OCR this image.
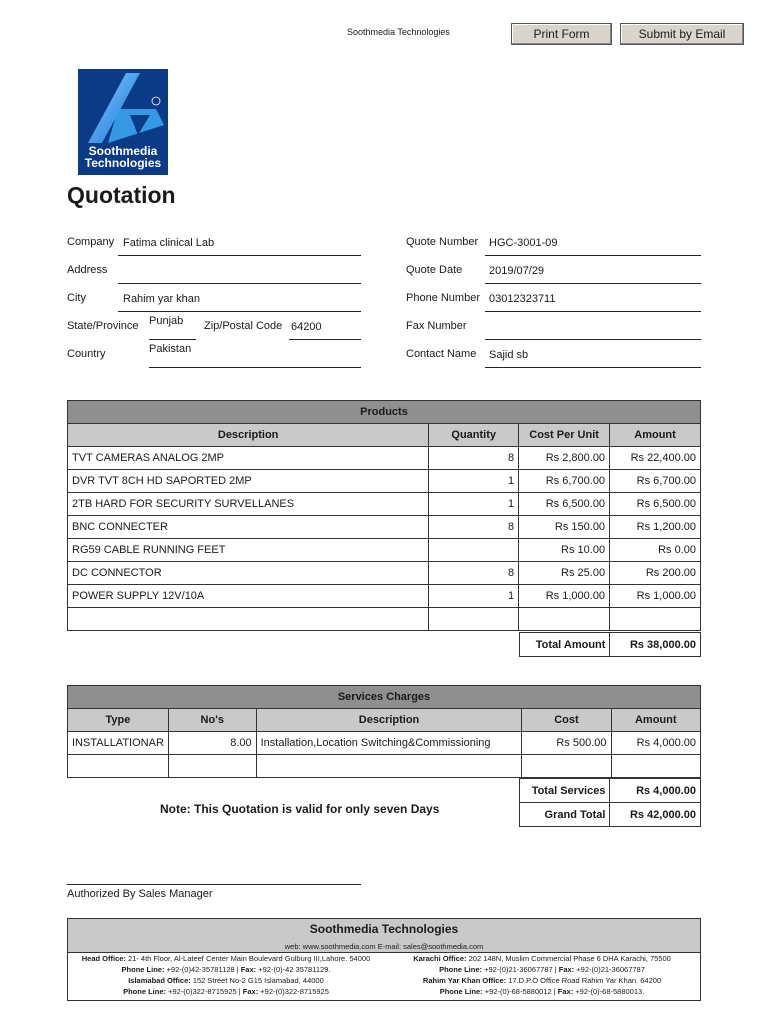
Soothmedia Technologies	Print Form	Submit by Email
Soothmedia
Technologies
Quotation
Company Fatima clinical Lab
Address
City	Rahim yar khan
State/Province Punjab Zip/Postal Code 64200
Country	Pakistan
Quote Number HGC-3001-09
Quote Date 2019/07/29
Phone Number 03012323711
Fax Number
Contact Name Sajid sb
Products			
Description	Quantity	Cost Per Unit	Amount
TVT CAMERAS ANALOG 2MP	8	Rs 2,800.00	Rs 22,400.00
DVR TVT 8CH HD SAPORTED 2MP	1	Rs 6,700.00	Rs 6,700.00
2TB HARD FOR SECURITY SURVELLANES	1	Rs 6,500.00	Rs 6,500.00
BNC CONNECTER	8	Rs 150.00	Rs 1,200.00
RG59 CABLE RUNNING FEET		Rs 10.00	Rs 0.00
DC CONNECTOR	8	Rs 25.00	Rs 200.00
POWER SUPPLY 12V/10A	1	Rs 1,000.00	Rs 1,000.00

Total Amount	Rs 38,000.00
Services Charges				
Type	No's	Description	Cost	Amount
INSTALLATIONAR	8.00	Installation,Location Switching&Commissioning	Rs 500.00	Rs 4,000.00

Total Services	Rs 4,000.00
Grand Total	Rs 42,000.00
Note: This Quotation is valid for only seven Days
Authorized By Sales Manager
Soothmedia Technologies
web: www.soothmedia.com E-mail: sales@soothmedia.com
Head Office: 21- 4th Floor, Al-Lateef Center Main Boulevard Gulburg III,Lahore. 54000
Phone Line: +92-(0)42-35781128 | Fax: +92-(0)-42 35781129.
Islamabad Office: 152 Street No-2 G15 Islamabad, 44000
Phone Line: +92-(0)322-8715925 | Fax: +92-(0)322-8715925
Karachi Office: 202 148N, Muslim Commercial Phase 6 DHA Karachi, 75500
Phone Line: +92-(0)21-36067787 | Fax: +92-(0)21-36067787
Rahim Yar Khan Office: 17.D.P.O Office Road Rahim Yar Khan. 64200
Phone Line: +92-(0)-68-5880012 | Fax: +92-(0)-68-5880013.
